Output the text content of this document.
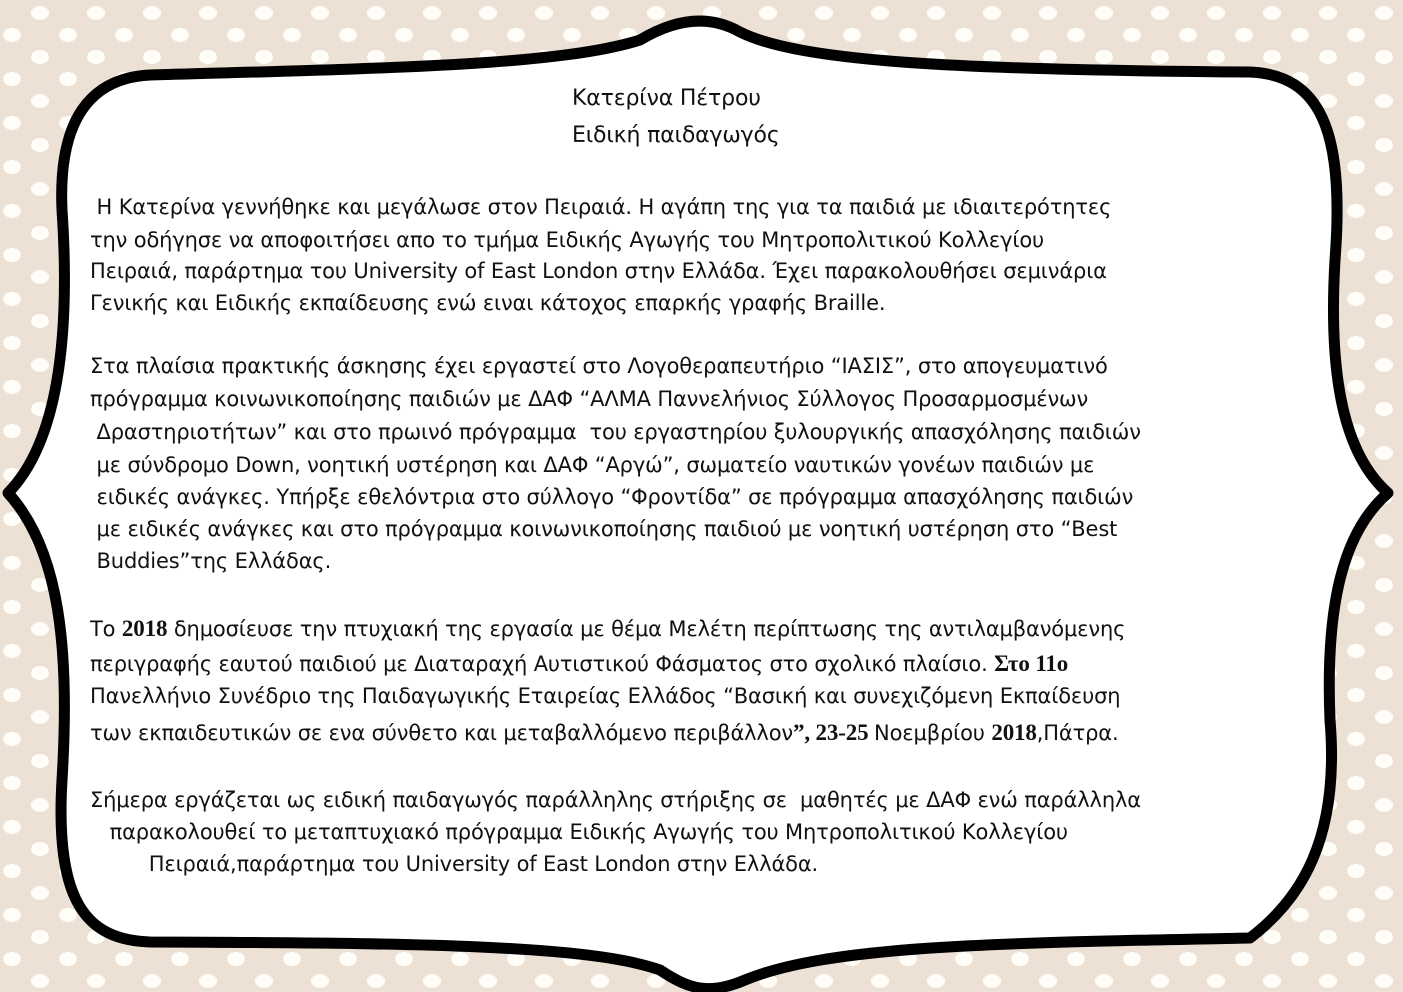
Κατερίνα Πέτρου
Ειδική παιδαγωγός
Η Κατερίνα γεννήθηκε και μεγάλωσε στον Πειραιά. Η αγάπη της για τα παιδιά με ιδιαιτερότητες
την οδήγησε να αποφοιτήσει απο το τμήμα Ειδικής Αγωγής του Μητροπολιτικού Κολλεγίου
Πειραιά, παράρτημα του University of East London στην Ελλάδα. Έχει παρακολουθήσει σεμινάρια
Γενικής και Ειδικής εκπαίδευσης ενώ ειναι κάτοχος επαρκής γραφής Braille.
Στα πλαίσια πρακτικής άσκησης έχει εργαστεί στο Λογοθεραπευτήριο “ΙΑΣΙΣ”, στο απογευματινό
πρόγραμμα κοινωνικοποίησης παιδιών με ΔΑΦ “ΑΛΜΑ Παννελήνιος Σύλλογος Προσαρμοσμένων
Δραστηριοτήτων” και στο πρωινό πρόγραμμα  του εργαστηρίου ξυλουργικής απασχόλησης παιδιών
με σύνδρομο Down, νοητική υστέρηση και ΔΑΦ “Αργώ”, σωματείο ναυτικών γονέων παιδιών με
ειδικές ανάγκες. Υπήρξε εθελόντρια στο σύλλογο “Φροντίδα” σε πρόγραμμα απασχόλησης παιδιών
με ειδικές ανάγκες και στο πρόγραμμα κοινωνικοποίησης παιδιού με νοητική υστέρηση στο “Best
Buddies”της Ελλάδας.
Το 2018 δημοσίευσε την πτυχιακή της εργασία με θέμα Μελέτη περίπτωσης της αντιλαμβανόμενης
περιγραφής εαυτού παιδιού με Διαταραχή Αυτιστικού Φάσματος στο σχολικό πλαίσιο. Στο 11ο
Πανελλήνιο Συνέδριο της Παιδαγωγικής Εταιρείας Ελλάδος “Βασική και συνεχιζόμενη Εκπαίδευση
των εκπαιδευτικών σε ενα σύνθετο και μεταβαλλόμενο περιβάλλον”, 23-25 Νοεμβρίου 2018,Πάτρα.
Σήμερα εργάζεται ως ειδική παιδαγωγός παράλληλης στήριξης σε  μαθητές με ΔΑΦ ενώ παράλληλα
παρακολουθεί το μεταπτυχιακό πρόγραμμα Ειδικής Αγωγής του Μητροπολιτικού Κολλεγίου
Πειραιά,παράρτημα του University of East London στην Ελλάδα.
